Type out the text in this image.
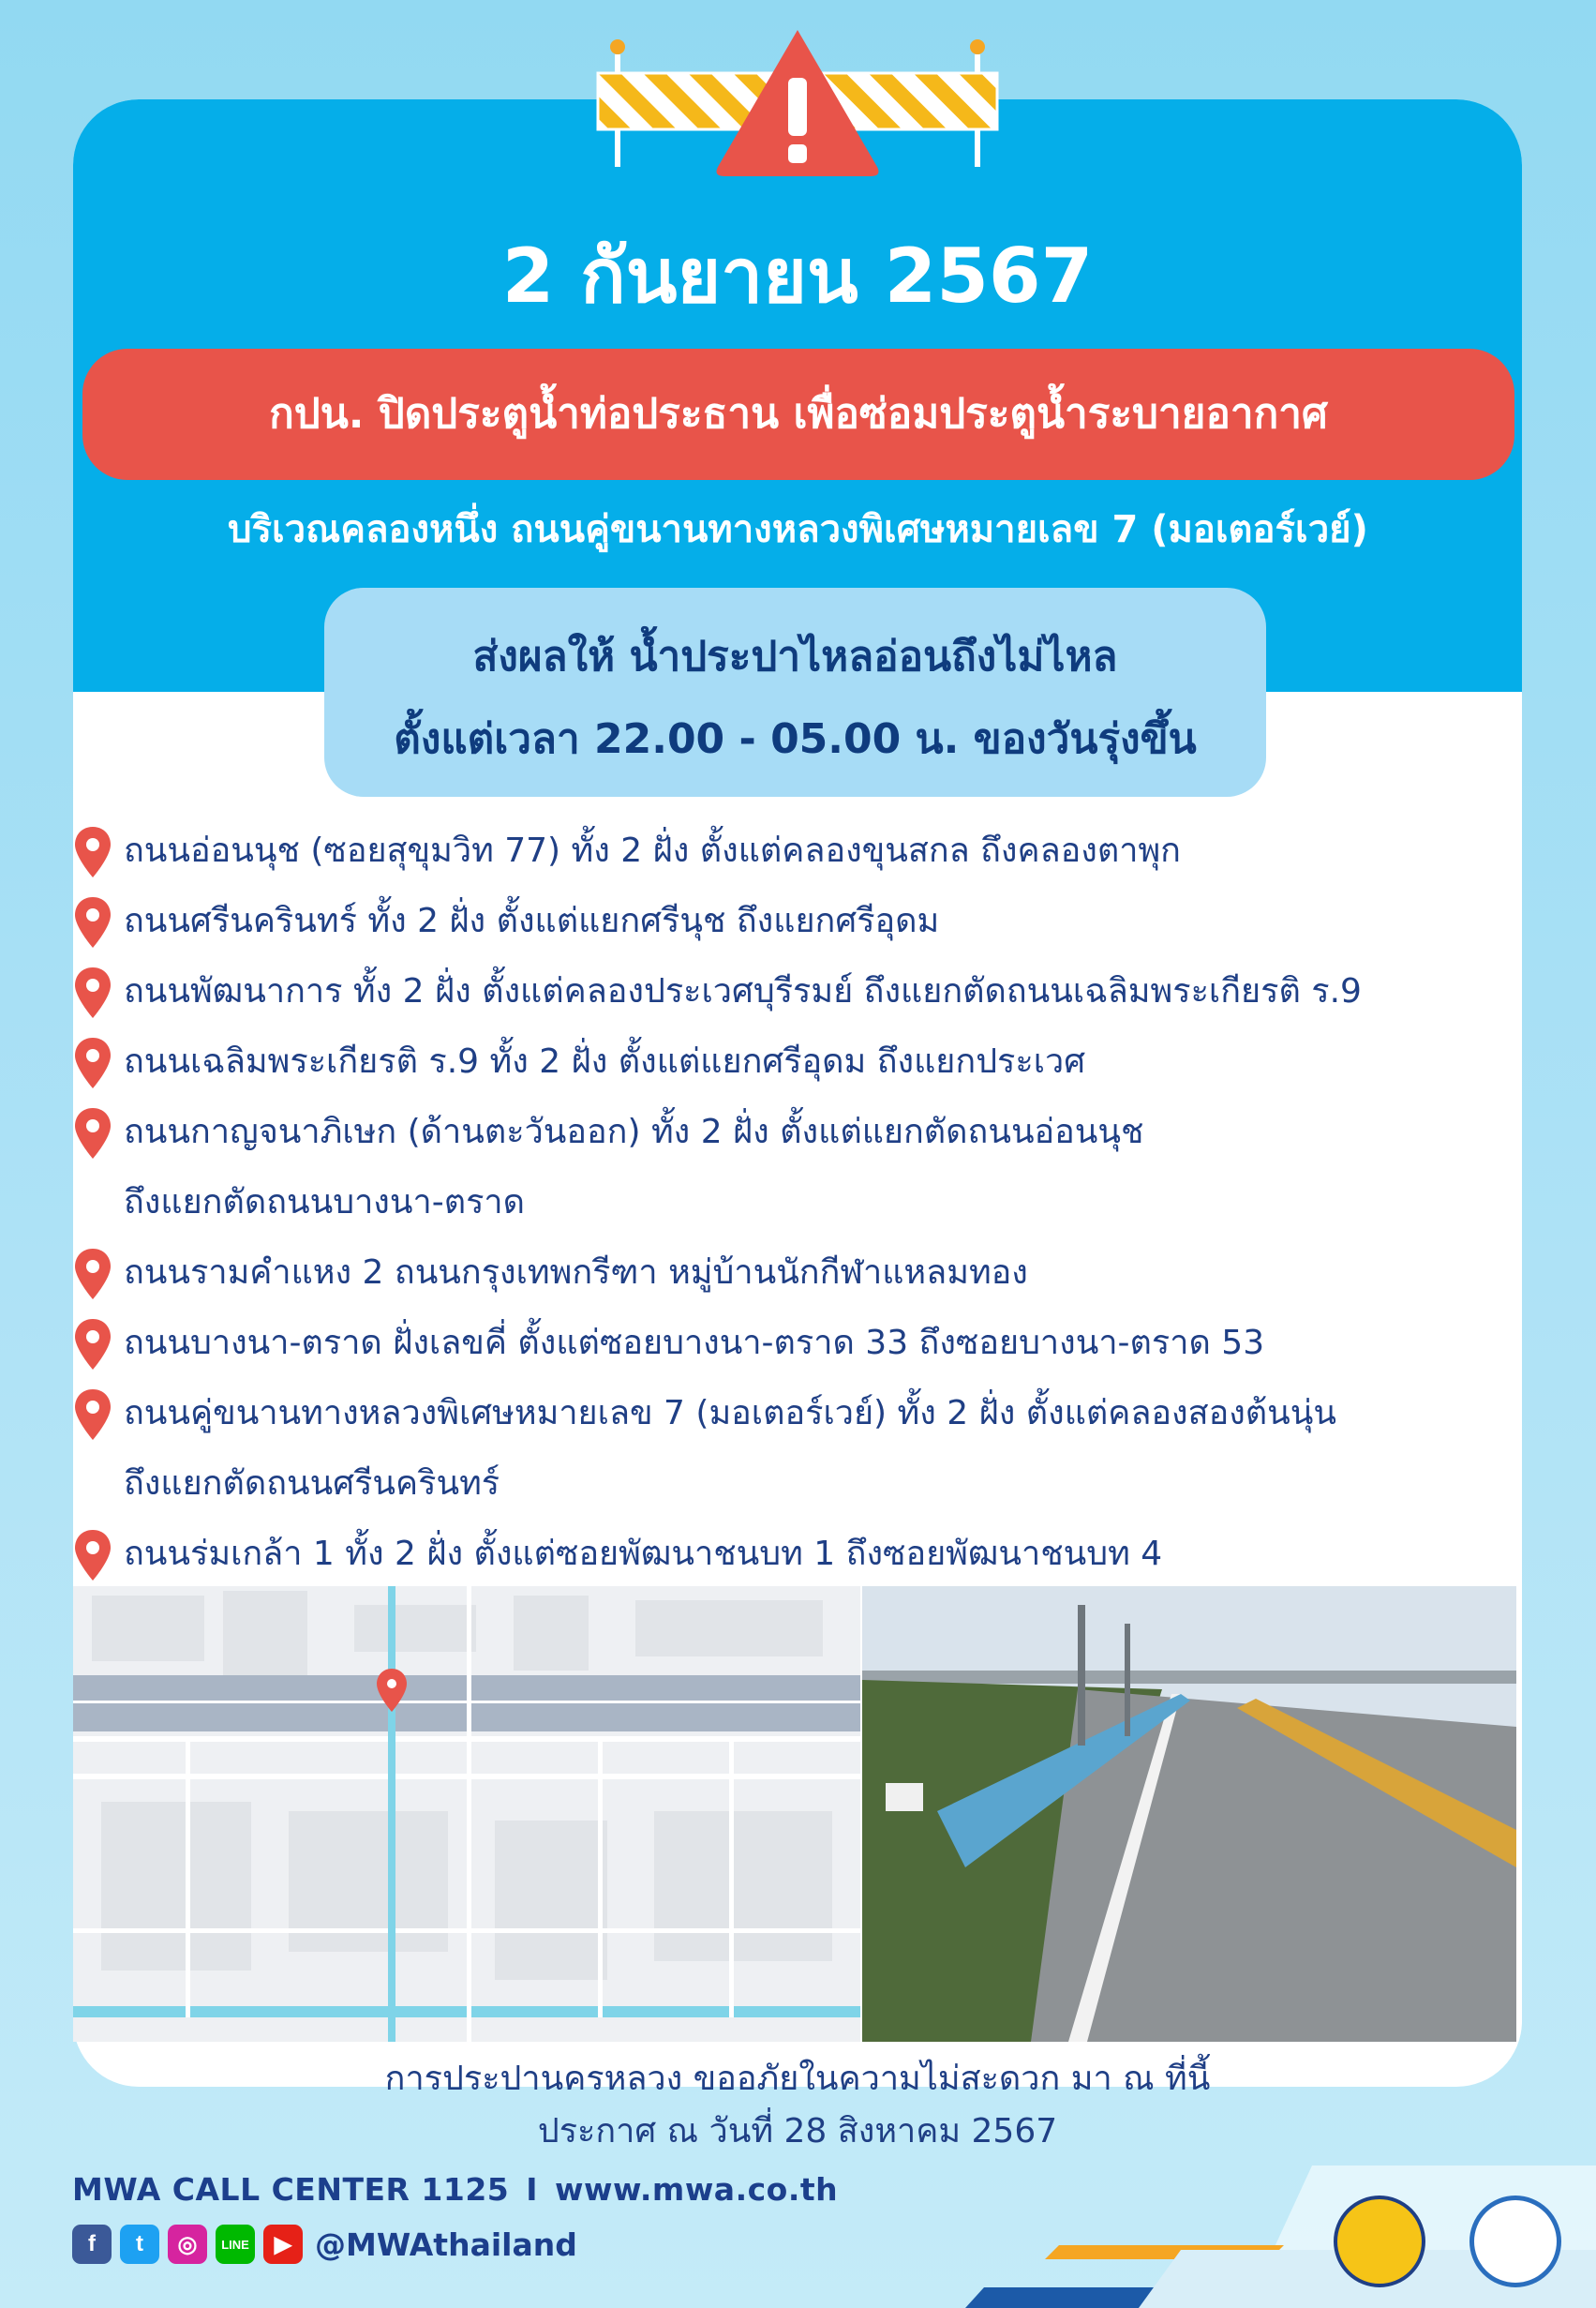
2 กันยายน 2567
กปน. ปิดประตูน้ำท่อประธาน เพื่อซ่อมประตูน้ำระบายอากาศ
บริเวณคลองหนึ่ง ถนนคู่ขนานทางหลวงพิเศษหมายเลข 7 (มอเตอร์เวย์)
ส่งผลให้ น้ำประปาไหลอ่อนถึงไม่ไหล
ตั้งแต่เวลา 22.00 - 05.00 น. ของวันรุ่งขึ้น
ถนนอ่อนนุช (ซอยสุขุมวิท 77) ทั้ง 2 ฝั่ง ตั้งแต่คลองขุนสกล ถึงคลองตาพุก
ถนนศรีนครินทร์ ทั้ง 2 ฝั่ง ตั้งแต่แยกศรีนุช ถึงแยกศรีอุดม
ถนนพัฒนาการ ทั้ง 2 ฝั่ง ตั้งแต่คลองประเวศบุรีรมย์ ถึงแยกตัดถนนเฉลิมพระเกียรติ ร.9
ถนนเฉลิมพระเกียรติ ร.9 ทั้ง 2 ฝั่ง ตั้งแต่แยกศรีอุดม ถึงแยกประเวศ
ถนนกาญจนาภิเษก (ด้านตะวันออก) ทั้ง 2 ฝั่ง ตั้งแต่แยกตัดถนนอ่อนนุช
ถึงแยกตัดถนนบางนา-ตราด
ถนนรามคำแหง 2 ถนนกรุงเทพกรีฑา หมู่บ้านนักกีฬาแหลมทอง
ถนนบางนา-ตราด ฝั่งเลขคี่ ตั้งแต่ซอยบางนา-ตราด 33 ถึงซอยบางนา-ตราด 53
ถนนคู่ขนานทางหลวงพิเศษหมายเลข 7 (มอเตอร์เวย์) ทั้ง 2 ฝั่ง ตั้งแต่คลองสองต้นนุ่น
ถึงแยกตัดถนนศรีนครินทร์
ถนนร่มเกล้า 1 ทั้ง 2 ฝั่ง ตั้งแต่ซอยพัฒนาชนบท 1 ถึงซอยพัฒนาชนบท 4
การประปานครหลวง ขออภัยในความไม่สะดวก มา ณ ที่นี้
ประกาศ ณ วันที่ 28 สิงหาคม 2567
MWA CALL CENTER 1125 I www.mwa.co.th
f	t	◎	LINE	▶ @MWAthailand
